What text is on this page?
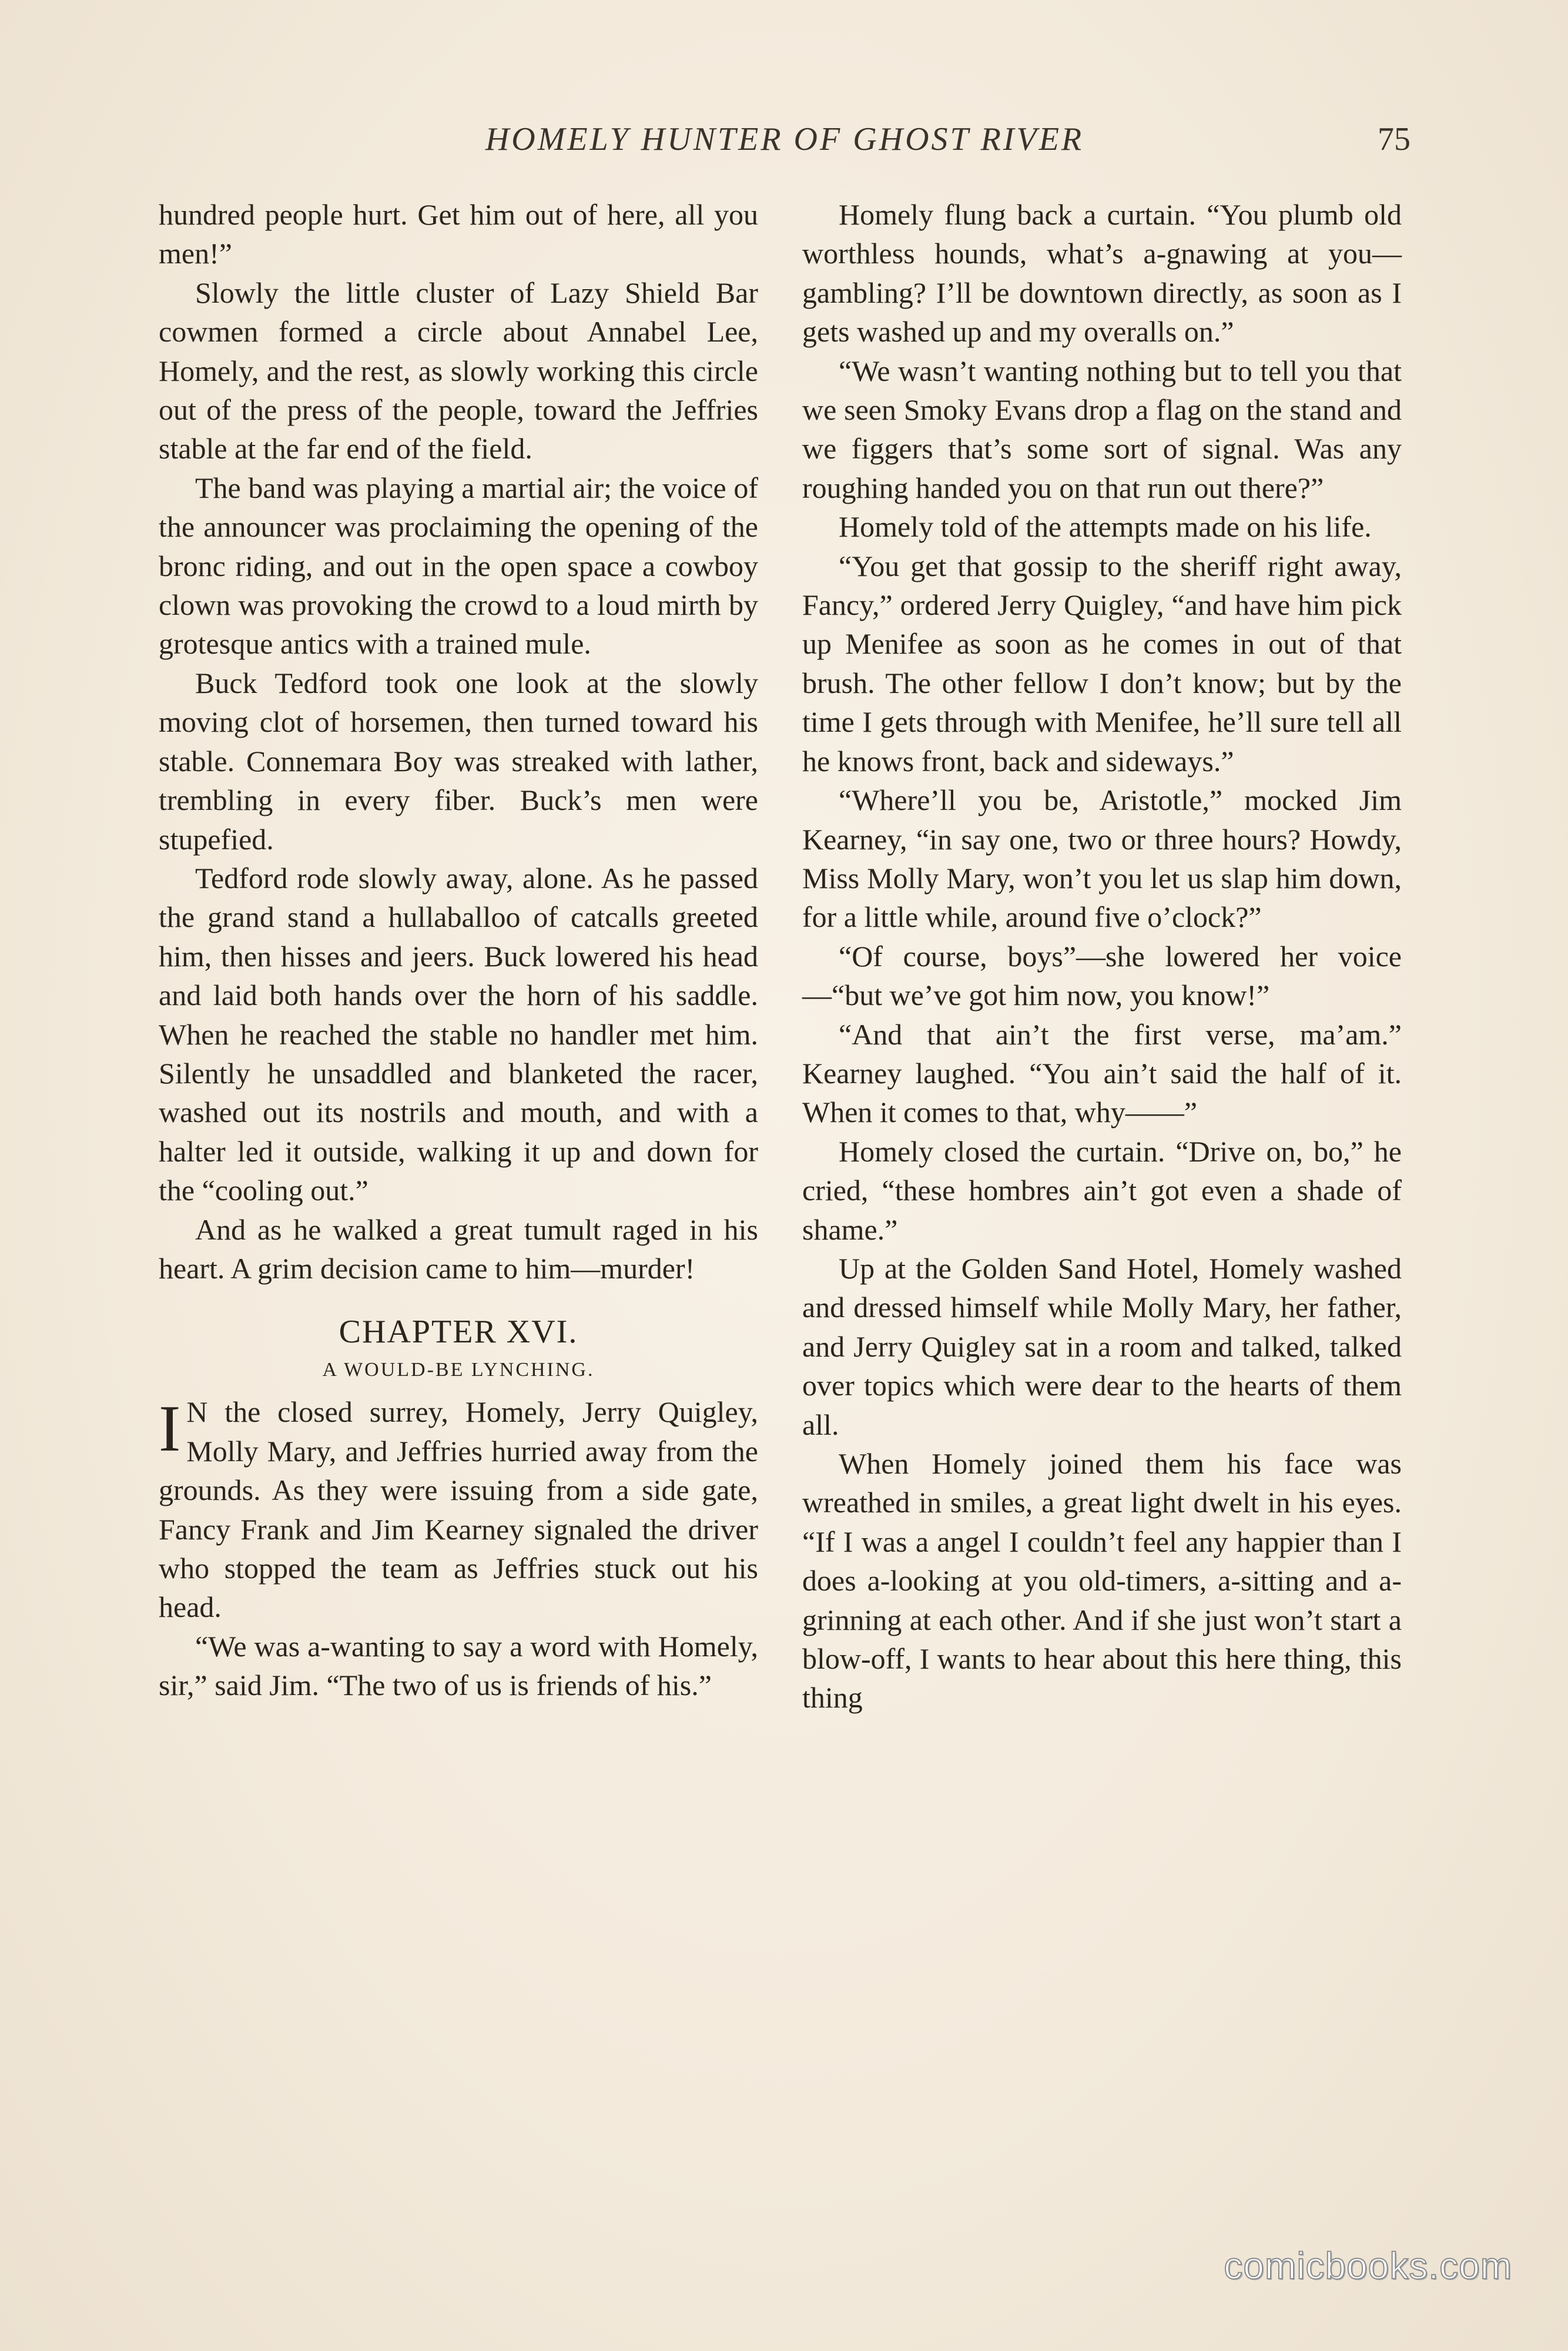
HOMELY HUNTER OF GHOST RIVER	75

hundred people hurt. Get him out of here, all you men!”

Slowly the little cluster of Lazy Shield Bar cowmen formed a circle about Annabel Lee, Homely, and the rest, as slowly working this circle out of the press of the people, toward the Jeffries stable at the far end of the field.

The band was playing a martial air; the voice of the announcer was proclaiming the opening of the bronc riding, and out in the open space a cowboy clown was provoking the crowd to a loud mirth by grotesque antics with a trained mule.

Buck Tedford took one look at the slowly moving clot of horsemen, then turned toward his stable. Connemara Boy was streaked with lather, trembling in every fiber. Buck’s men were stupefied.

Tedford rode slowly away, alone. As he passed the grand stand a hullaballoo of catcalls greeted him, then hisses and jeers. Buck lowered his head and laid both hands over the horn of his saddle. When he reached the stable no handler met him. Silently he unsaddled and blanketed the racer, washed out its nostrils and mouth, and with a halter led it outside, walking it up and down for the “cooling out.”

And as he walked a great tumult raged in his heart. A grim decision came to him—murder!

CHAPTER XVI.
A WOULD-BE LYNCHING.

I N the closed surrey, Homely, Jerry Quigley, Molly Mary, and Jeffries hurried away from the grounds. As they were issuing from a side gate, Fancy Frank and Jim Kearney signaled the driver who stopped the team as Jeffries stuck out his head.

“We was a-wanting to say a word with Homely, sir,” said Jim. “The two of us is friends of his.”

Homely flung back a curtain. “You plumb old worthless hounds, what’s a-gnawing at you—gambling? I’ll be downtown directly, as soon as I gets washed up and my overalls on.”

“We wasn’t wanting nothing but to tell you that we seen Smoky Evans drop a flag on the stand and we figgers that’s some sort of signal. Was any roughing handed you on that run out there?”

Homely told of the attempts made on his life.

“You get that gossip to the sheriff right away, Fancy,” ordered Jerry Quigley, “and have him pick up Menifee as soon as he comes in out of that brush. The other fellow I don’t know; but by the time I gets through with Menifee, he’ll sure tell all he knows front, back and sideways.”

“Where’ll you be, Aristotle,” mocked Jim Kearney, “in say one, two or three hours? Howdy, Miss Molly Mary, won’t you let us slap him down, for a little while, around five o’clock?”

“Of course, boys”—she lowered her voice—“but we’ve got him now, you know!”

“And that ain’t the first verse, ma’am.” Kearney laughed. “You ain’t said the half of it. When it comes to that, why——”

Homely closed the curtain. “Drive on, bo,” he cried, “these hombres ain’t got even a shade of shame.”

Up at the Golden Sand Hotel, Homely washed and dressed himself while Molly Mary, her father, and Jerry Quigley sat in a room and talked, talked over topics which were dear to the hearts of them all.

When Homely joined them his face was wreathed in smiles, a great light dwelt in his eyes. “If I was a angel I couldn’t feel any happier than I does a-looking at you old-timers, a-sitting and a-grinning at each other. And if she just won’t start a blow-off, I wants to hear about this here thing, this thing

comicbooks.com
